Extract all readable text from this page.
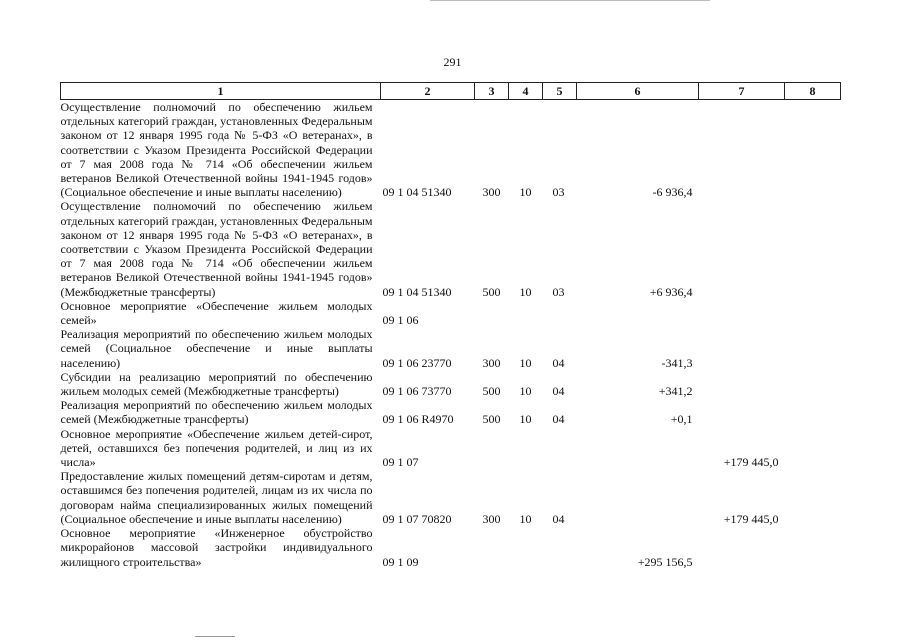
291
1	2	3	4	5	6	7	8
Осуществление полномочий по обеспечению жильем отдельных категорий граждан, установленных Федеральным законом от 12 января 1995 года № 5-ФЗ «О ветеранах», в соответствии с Указом Президента Российской Федерации от 7 мая 2008 года № 714 «Об обеспечении жильем ветеранов Великой Отечественной войны 1941-1945 годов» (Социальное обеспечение и иные выплаты населению)	09 1 04 51340	300	10	03	-6 936,4		
Осуществление полномочий по обеспечению жильем отдельных категорий граждан, установленных Федеральным законом от 12 января 1995 года № 5-ФЗ «О ветеранах», в соответствии с Указом Президента Российской Федерации от 7 мая 2008 года № 714 «Об обеспечении жильем ветеранов Великой Отечественной войны 1941-1945 годов» (Межбюджетные трансферты)	09 1 04 51340	500	10	03	+6 936,4		
Основное мероприятие «Обеспечение жильем молодых семей»	09 1 06						
Реализация мероприятий по обеспечению жильем молодых семей (Социальное обеспечение и иные выплаты населению)	09 1 06 23770	300	10	04	-341,3		
Субсидии на реализацию мероприятий по обеспечению жильем молодых семей (Межбюджетные трансферты)	09 1 06 73770	500	10	04	+341,2		
Реализация мероприятий по обеспечению жильем молодых семей (Межбюджетные трансферты)	09 1 06 R4970	500	10	04	+0,1		
Основное мероприятие «Обеспечение жильем детей-сирот, детей, оставшихся без попечения родителей, и лиц из их числа»	09 1 07					+179 445,0	
Предоставление жилых помещений детям-сиротам и детям, оставшимся без попечения родителей, лицам из их числа по договорам найма специализированных жилых помещений (Социальное обеспечение и иные выплаты населению)	09 1 07 70820	300	10	04		+179 445,0	
Основное мероприятие «Инженерное обустройство микрорайонов массовой застройки индивидуального жилищного строительства»	09 1 09				+295 156,5		
